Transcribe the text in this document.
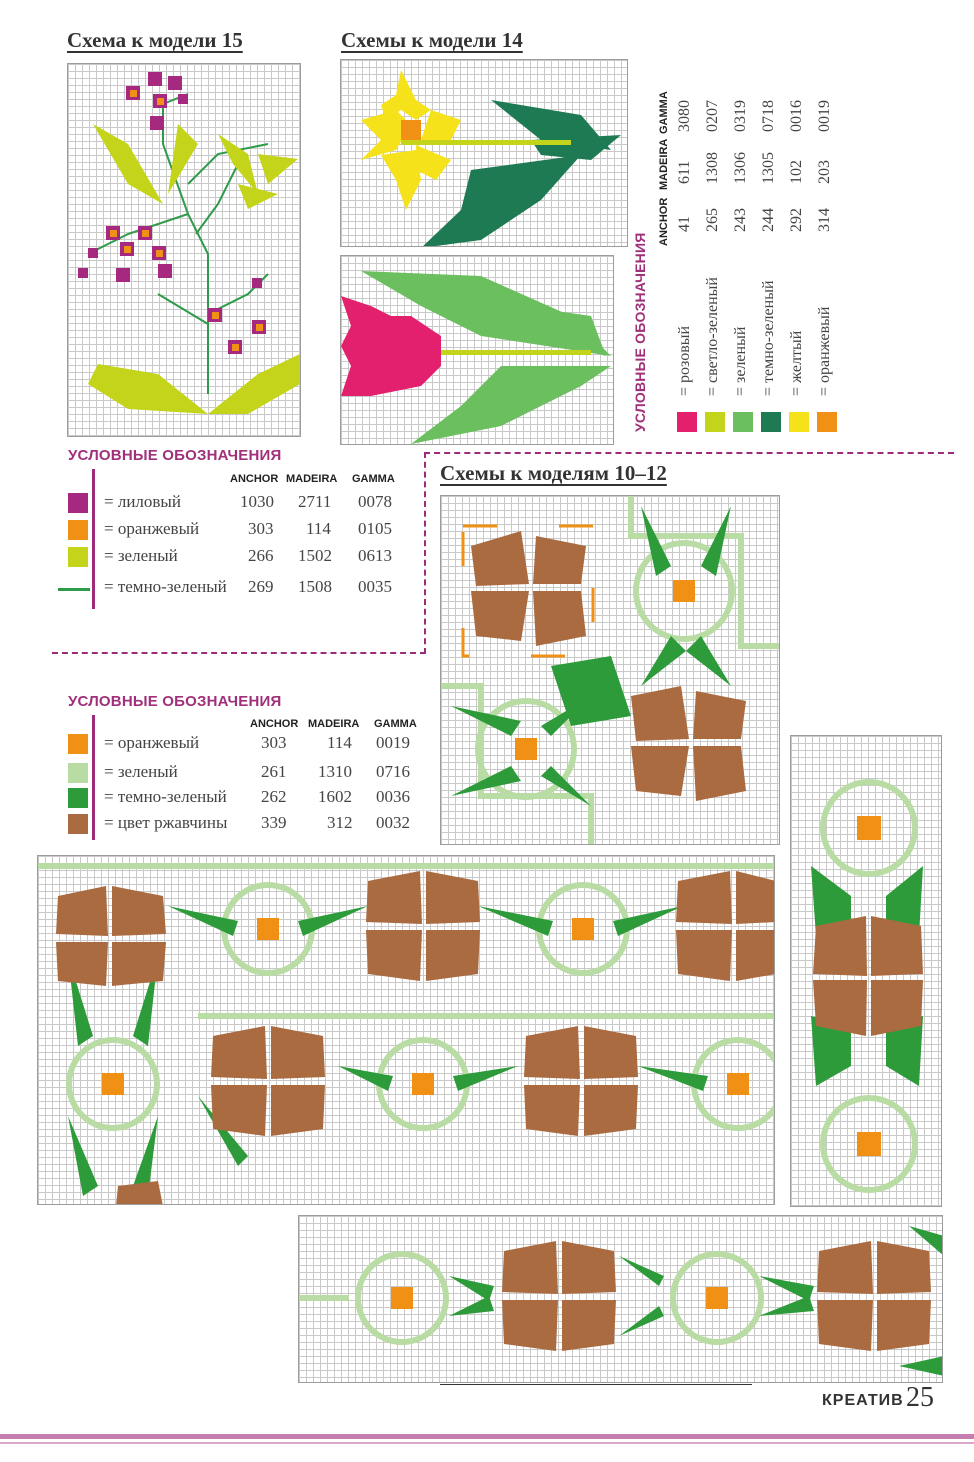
Схема к модели 15
УСЛОВНЫЕ ОБОЗНАЧЕНИЯ
ANCHOR MADEIRA GAMMA
= лиловый	1030 2711 0078
= оранжевый	303 114 0105
= зеленый	266 1502 0613
= темно-зеленый 269 1508 0035
Схемы к модели 14
УСЛОВНЫЕ ОБОЗНАЧЕНИЯ
ANCHOR
MADEIRA
GAMMA
= розовый
41
611
3080
= светло-зеленый
265
1308
0207
= зеленый
243
1306
0319
= темно-зеленый
244
1305
0718
= желтый
292
102
0016
= оранжевый
314
203
0019
Схемы к моделям 10–12
УСЛОВНЫЕ ОБОЗНАЧЕНИЯ
ANCHOR MADEIRA GAMMA
= оранжевый	303 114 0019
= зеленый	261 1310 0716
= темно-зеленый 262 1602 0036
= цвет ржавчины 339 312 0032
КРЕАТИВ 25
